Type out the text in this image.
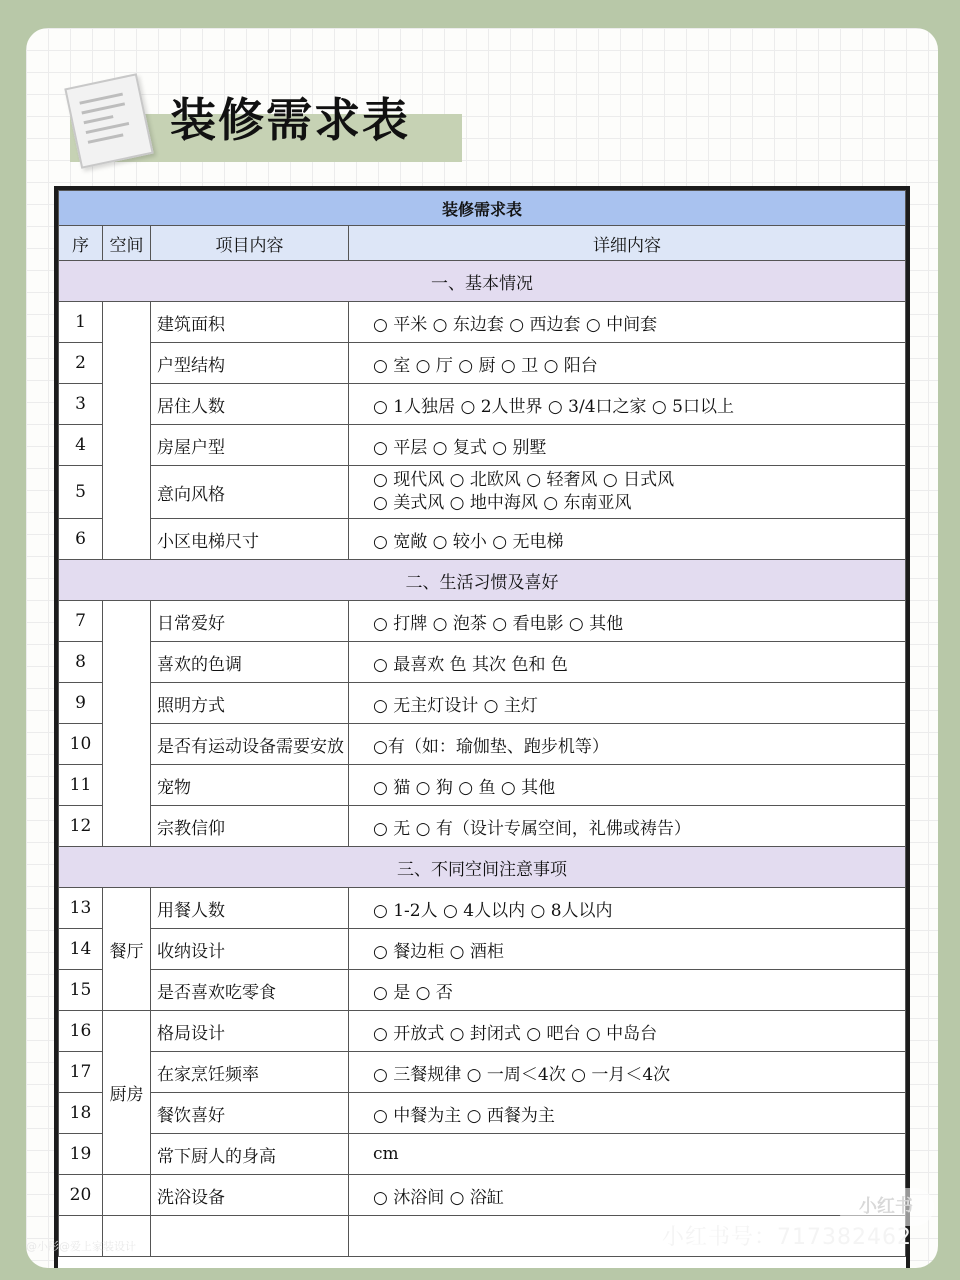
装修需求表
装修需求表			
序	空间	项目内容	详细内容
一、基本情况			
1		建筑面积	○ 平米 ○ 东边套 ○ 西边套 ○ 中间套
2		户型结构	○ 室 ○ 厅 ○ 厨 ○ 卫 ○ 阳台
3		居住人数	○ 1人独居 ○ 2人世界 ○ 3/4口之家 ○ 5口以上
4		房屋户型	○ 平层 ○ 复式 ○ 别墅
5		意向风格	○ 现代风 ○ 北欧风 ○ 轻奢风 ○ 日式风
○ 美式风 ○ 地中海风 ○ 东南亚风

6		小区电梯尺寸	○ 宽敞 ○ 较小 ○ 无电梯
二、生活习惯及喜好			
7		日常爱好	○ 打牌 ○ 泡茶 ○ 看电影 ○ 其他
8		喜欢的色调	○ 最喜欢 色 其次 色和 色
9		照明方式	○ 无主灯设计 ○ 主灯
10		是否有运动设备需要安放	○有（如：瑜伽垫、跑步机等）
11		宠物	○ 猫 ○ 狗 ○ 鱼 ○ 其他
12		宗教信仰	○ 无 ○ 有（设计专属空间，礼佛或祷告）
三、不同空间注意事项			
13	餐厅	用餐人数	○ 1-2人 ○ 4人以内 ○ 8人以内
14		收纳设计	○ 餐边柜 ○ 酒柜
15		是否喜欢吃零食	○ 是 ○ 否
16	厨房	格局设计	○ 开放式 ○ 封闭式 ○ 吧台 ○ 中岛台
17		在家烹饪频率	○ 三餐规律 ○ 一周＜4次 ○ 一月＜4次
18		餐饮喜好	○ 中餐为主 ○ 西餐为主
19		常下厨人的身高	cm
20		洗浴设备	○ 沐浴间 ○ 浴缸
				小红书
@小彤@爱上家装设计	小红书号：717382462
